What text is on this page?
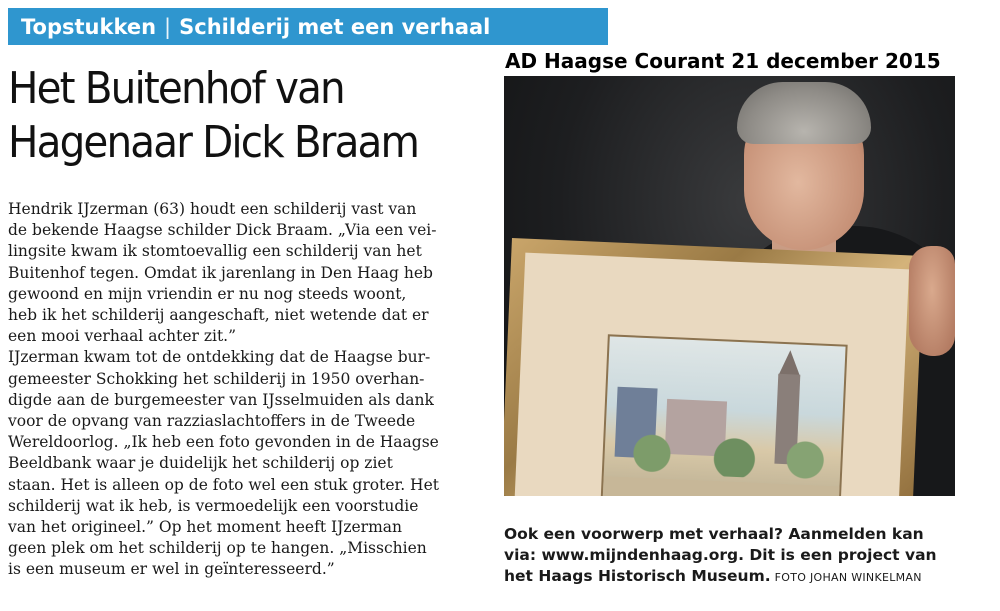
Topstukken | Schilderij met een verhaal
AD Haagse Courant 21 december 2015
Het Buitenhof van
Hagenaar Dick Braam

Hendrik IJzerman (63) houdt een schilderij vast van

de bekende Haagse schilder Dick Braam. „Via een vei-

lingsite kwam ik stomtoevallig een schilderij van het

Buitenhof tegen. Omdat ik jarenlang in Den Haag heb

gewoond en mijn vriendin er nu nog steeds woont,

heb ik het schilderij aangeschaft, niet wetende dat er

een mooi verhaal achter zit.”

IJzerman kwam tot de ontdekking dat de Haagse bur-

gemeester Schokking het schilderij in 1950 overhan-

digde aan de burgemeester van IJsselmuiden als dank

voor de opvang van razziaslachtoffers in de Tweede

Wereldoorlog. „Ik heb een foto gevonden in de Haagse

Beeldbank waar je duidelijk het schilderij op ziet

staan. Het is alleen op de foto wel een stuk groter. Het

schilderij wat ik heb, is vermoedelijk een voorstudie

van het origineel.” Op het moment heeft IJzerman

geen plek om het schilderij op te hangen. „Misschien

is een museum er wel in geïnteresseerd.”

Ook een voorwerp met verhaal? Aanmelden kan
via: www.mijndenhaag.org. Dit is een project van
het Haags Historisch Museum. FOTO JOHAN WINKELMAN
